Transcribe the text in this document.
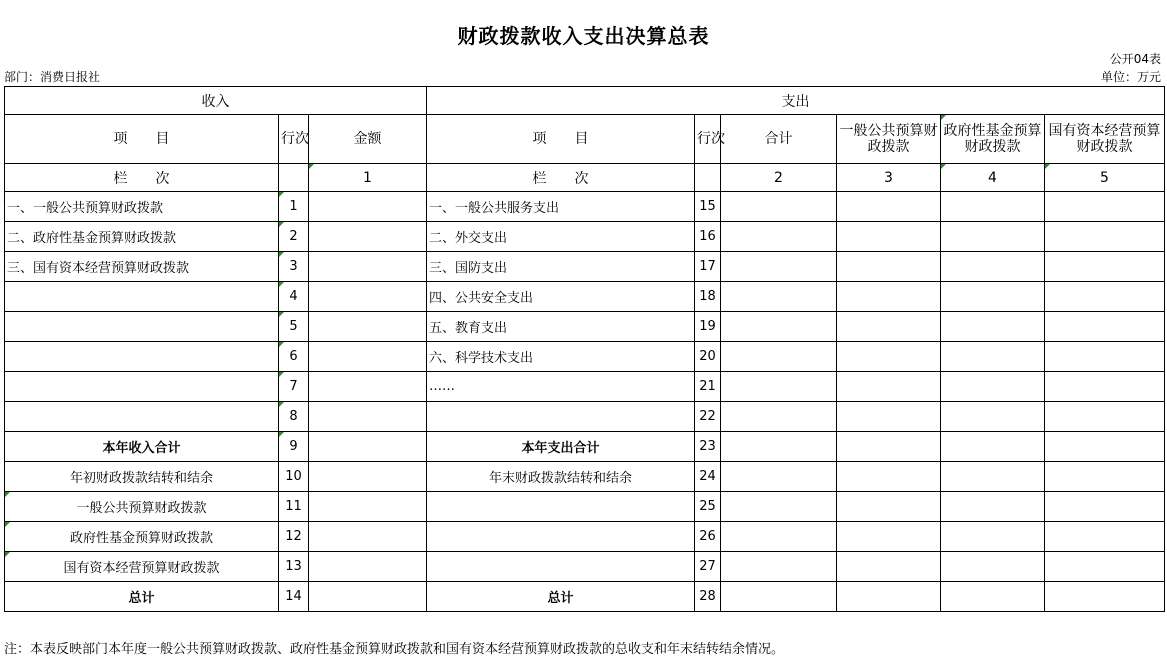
财政拨款收入支出决算总表
公开04表
部门：消费日报社	单位：万元
收入			支出					
项　　目	行次	金额	项　　目	行次	合计	一般公共预算财政拨款	政府性基金预算财政拨款	国有资本经营预算财政拨款
栏　　次		1	栏　　次		2	3	4	5
一、一般公共预算财政拨款	1		一、一般公共服务支出	15				
二、政府性基金预算财政拨款	2		二、外交支出	16				
三、国有资本经营预算财政拨款	3		三、国防支出	17				
	4		四、公共安全支出	18				
	5		五、教育支出	19				
	6		六、科学技术支出	20				
	7		……	21				
	8			22				
本年收入合计	9		本年支出合计	23				
年初财政拨款结转和结余	10		年末财政拨款结转和结余	24				
一般公共预算财政拨款	11			25				
政府性基金预算财政拨款	12			26				
国有资本经营预算财政拨款	13			27				
总计	14		总计	28				
注：本表反映部门本年度一般公共预算财政拨款、政府性基金预算财政拨款和国有资本经营预算财政拨款的总收支和年末结转结余情况。
